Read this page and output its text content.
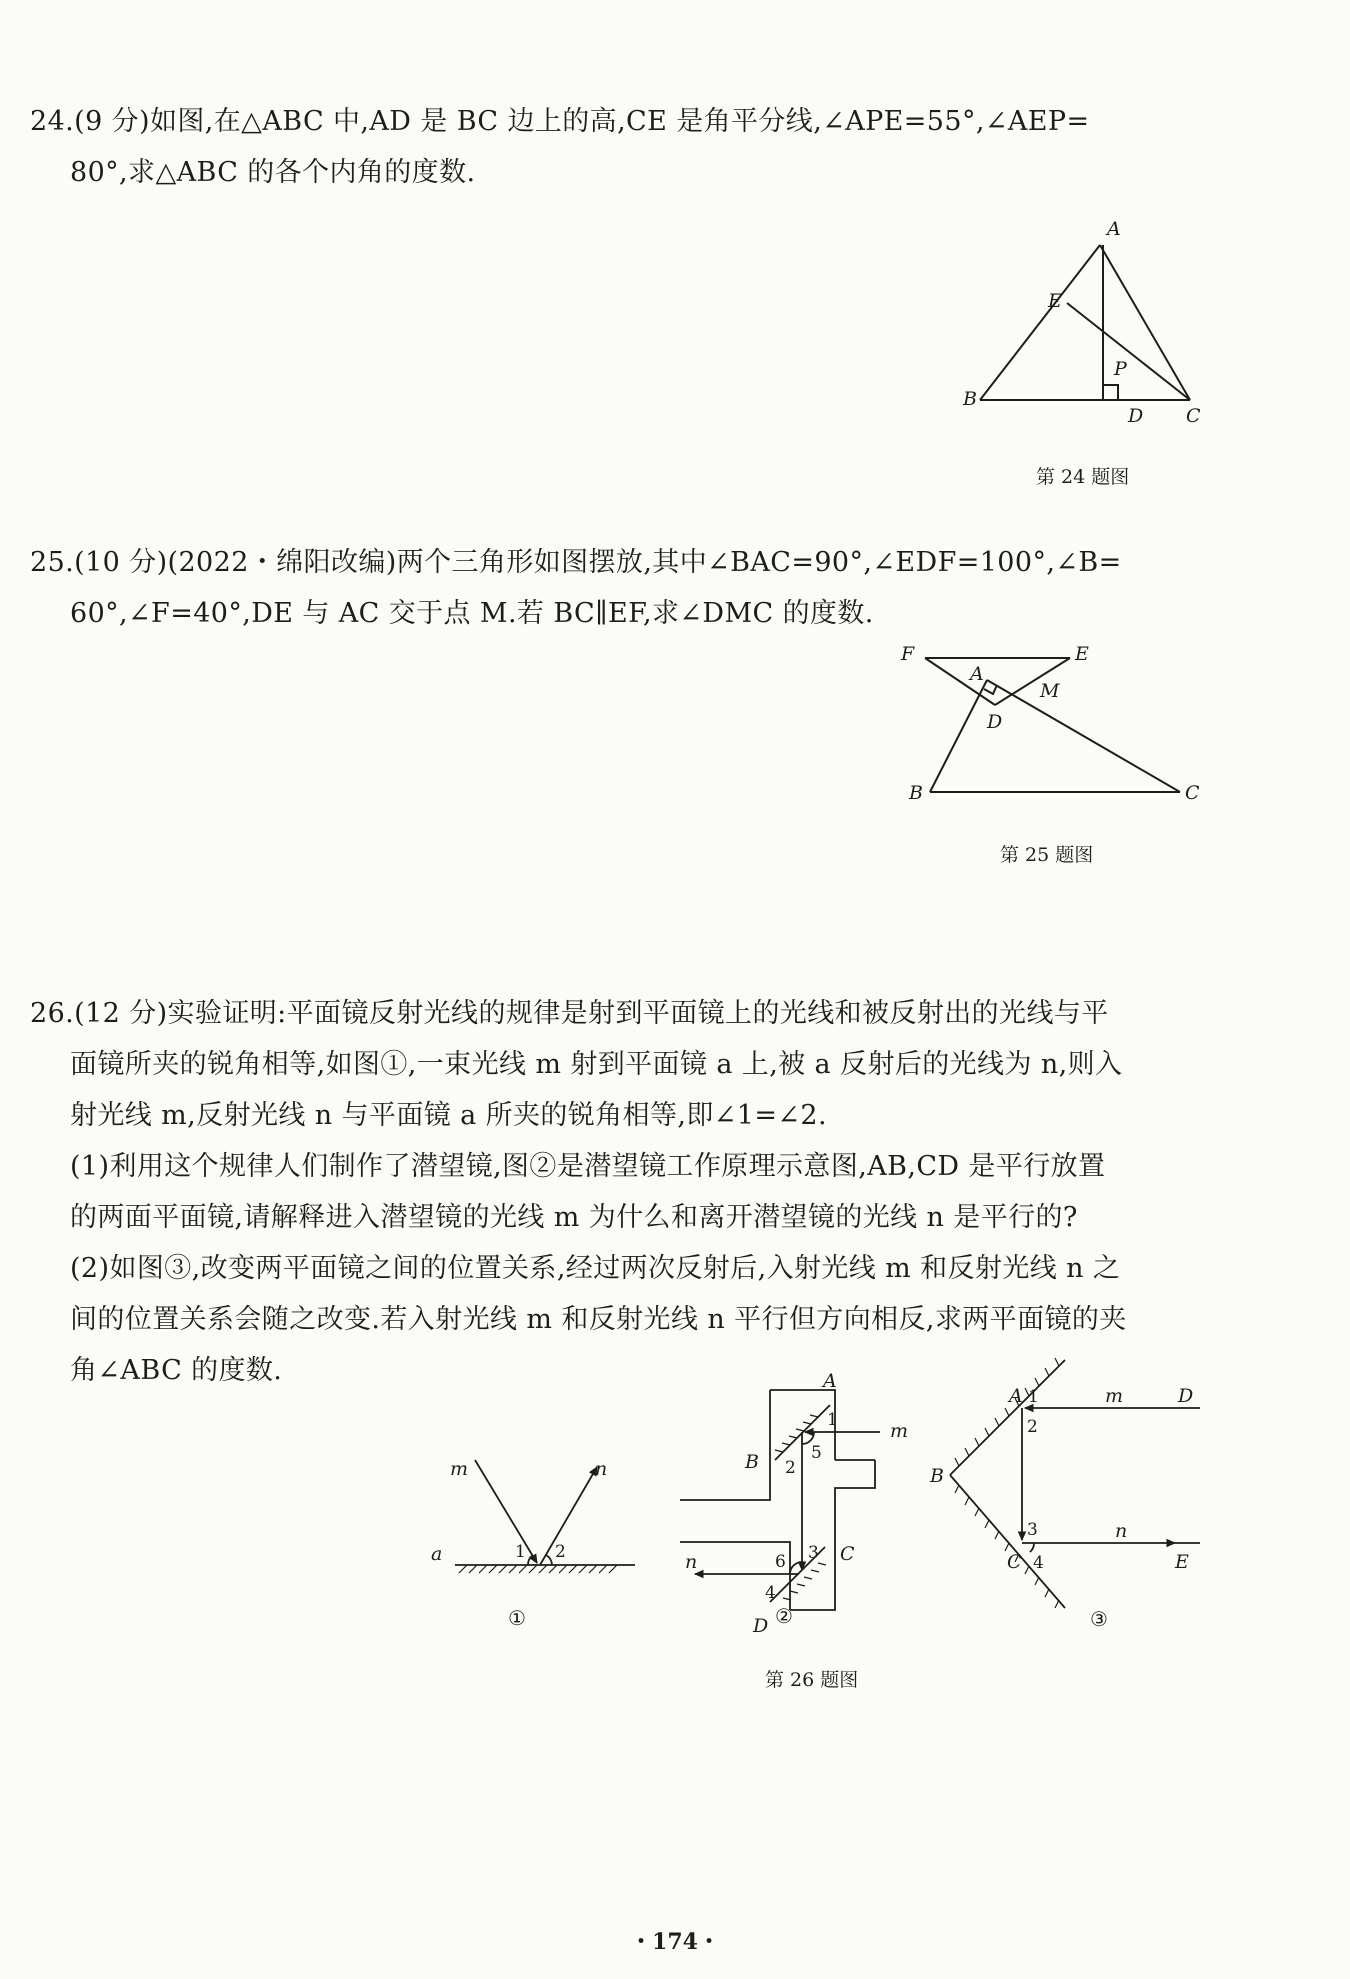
24.(9 分)如图,在△ABC 中,AD 是 BC 边上的高,CE 是角平分线,∠APE=55°,∠AEP=
80°,求△ABC 的各个内角的度数.
A
B
C
D
E
P
第 24 题图
25.(10 分)(2022・绵阳改编)两个三角形如图摆放,其中∠BAC=90°,∠EDF=100°,∠B=
60°,∠F=40°,DE 与 AC 交于点 M.若 BC∥EF,求∠DMC 的度数.
F	E
A
M
D
B	C
第 25 题图
26.(12 分)实验证明:平面镜反射光线的规律是射到平面镜上的光线和被反射出的光线与平
面镜所夹的锐角相等,如图①,一束光线 m 射到平面镜 a 上,被 a 反射后的光线为 n,则入
射光线 m,反射光线 n 与平面镜 a 所夹的锐角相等,即∠1=∠2.
(1)利用这个规律人们制作了潜望镜,图②是潜望镜工作原理示意图,AB,CD 是平行放置
的两面平面镜,请解释进入潜望镜的光线 m 为什么和离开潜望镜的光线 n 是平行的?
(2)如图③,改变两平面镜之间的位置关系,经过两次反射后,入射光线 m 和反射光线 n 之
间的位置关系会随之改变.若入射光线 m 和反射光线 n 平行但方向相反,求两平面镜的夹
角∠ABC 的度数.
m	n
a	1 2
①
A
B
C
D
m
n
1
2
3
4
5
6
②
A
B
C
D
E
m
n
1
2
3
4
③
第 26 题图
・174・
